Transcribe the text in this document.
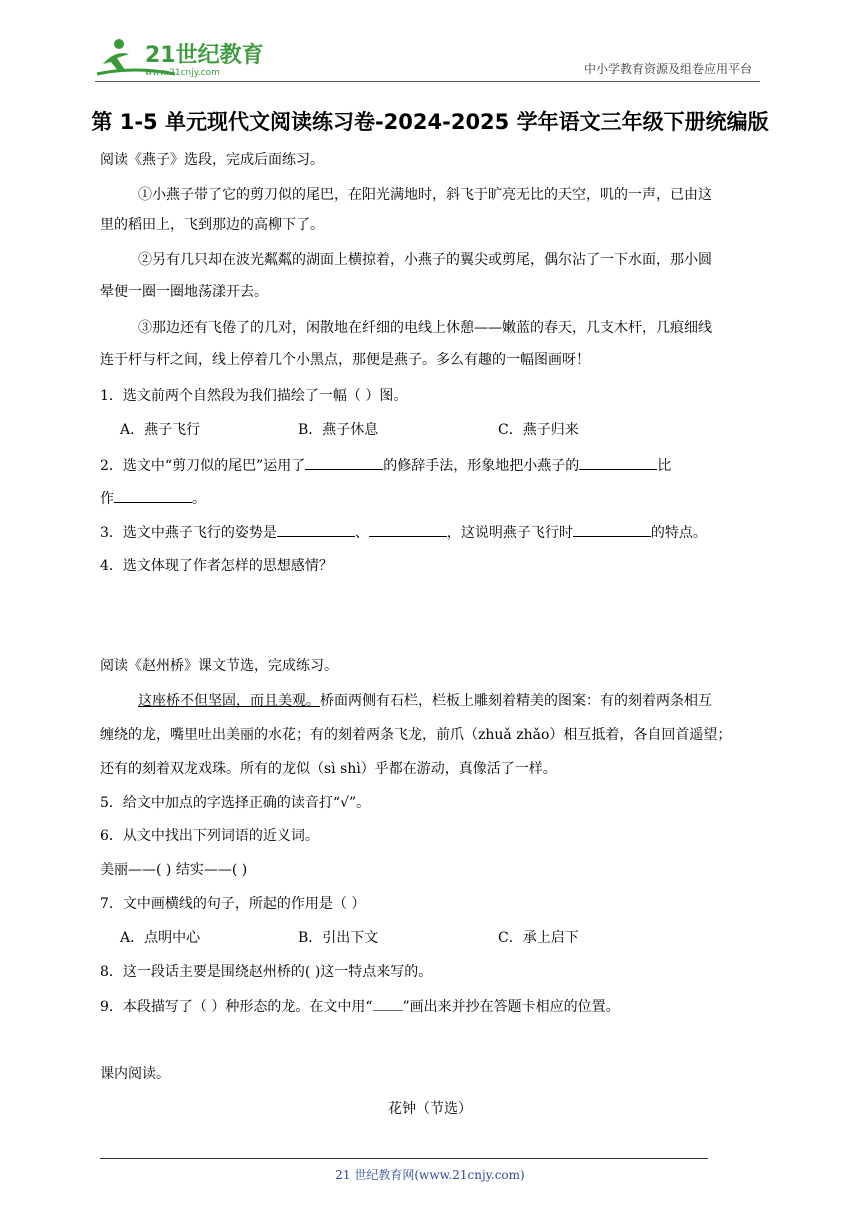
21世纪教育
www.21cnjy.com	中小学教育资源及组卷应用平台
第 1-5 单元现代文阅读练习卷-2024-2025 学年语文三年级下册统编版
阅读《燕子》选段，完成后面练习。
①小燕子带了它的剪刀似的尾巴，在阳光满地时，斜飞于旷亮无比的天空，叽的一声，已由这
里的稻田上，飞到那边的高柳下了。
②另有几只却在波光粼粼的湖面上横掠着，小燕子的翼尖或剪尾，偶尔沾了一下水面，那小圆
晕便一圈一圈地荡漾开去。
③那边还有飞倦了的几对，闲散地在纤细的电线上休憩——嫩蓝的春天，几支木杆，几痕细线
连于杆与杆之间，线上停着几个小黑点，那便是燕子。多么有趣的一幅图画呀！
1．选文前两个自然段为我们描绘了一幅（ ）图。
A．燕子飞行	B．燕子休息	C．燕子归来
2．选文中“剪刀似的尾巴”运用了	的修辞手法，形象地把小燕子的	比
作	。
3．选文中燕子飞行的姿势是	、	，这说明燕子飞行时	的特点。
4．选文体现了作者怎样的思想感情？
阅读《赵州桥》课文节选，完成练习。
这座桥不但坚固，而且美观。桥面两侧有石栏，栏板上雕刻着精美的图案：有的刻着两条相互
缠绕的龙，嘴里吐出美丽的水花；有的刻着两条飞龙，前爪（zhuǎ zhǎo）相互抵着，各自回首遥望；
还有的刻着双龙戏珠。所有的龙似（sì shì）乎都在游动，真像活了一样。
5．给文中加点的字选择正确的读音打“√”。
6．从文中找出下列词语的近义词。
美丽——( ) 结实——( )
7．文中画横线的句子，所起的作用是（ ）
A．点明中心	B．引出下文	C．承上启下
8．这一段话主要是围绕赵州桥的( )这一特点来写的。
9．本段描写了（ ）种形态的龙。在文中用“ ”画出来并抄在答题卡相应的位置。
课内阅读。
花钟（节选）
21 世纪教育网(www.21cnjy.com)
